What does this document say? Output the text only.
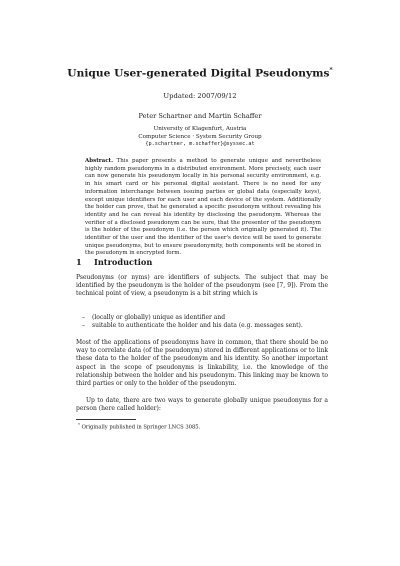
Unique User-generated Digital Pseudonyms*
Updated: 2007/09/12
Peter Schartner and Martin Schaffer
University of Klagenfurt, Austria
Computer Science · System Security Group
{p.schartner, m.schaffer}@syssec.at
Abstract. This paper presents a method to generate unique and nevertheless highly random pseudonyms in a distributed environment. More precisely, each user can now generate his pseudonym locally in his personal security environment, e.g. in his smart card or his personal digital assistant. There is no need for any information interchange between issuing parties or global data (especially keys), except unique identifiers for each user and each device of the system. Additionally the holder can prove, that he generated a specific pseudonym without revealing his identity and he can reveal his identity by disclosing the pseudonym. Whereas the verifier of a disclosed pseudonym can be sure, that the presenter of the pseudonym is the holder of the pseudonym (i.e. the person which originally generated it). The identifier of the user and the identifier of the user's device will be used to generate unique pseudonyms, but to ensure pseudonymity, both components will be stored in the pseudonym in encrypted form.
1 Introduction
Pseudonyms (or nyms) are identifiers of subjects. The subject that may be identified by the pseudonym is the holder of the pseudonym (see [7, 9]). From the technical point of view, a pseudonym is a bit string which is
–	(locally or globally) unique as identifier and
–	suitable to authenticate the holder and his data (e.g. messages sent).
Most of the applications of pseudonyms have in common, that there should be no way to correlate data (of the pseudonym) stored in different applications or to link these data to the holder of the pseudonym and his identity. So another important aspect in the scope of pseudonyms is linkability, i.e. the knowledge of the relationship between the holder and his pseudonym. This linking may be known to third parties or only to the holder of the pseudonym.
Up to date, there are two ways to generate globally unique pseudonyms for a person (here called holder):
* Originally published in Springer LNCS 3085.
